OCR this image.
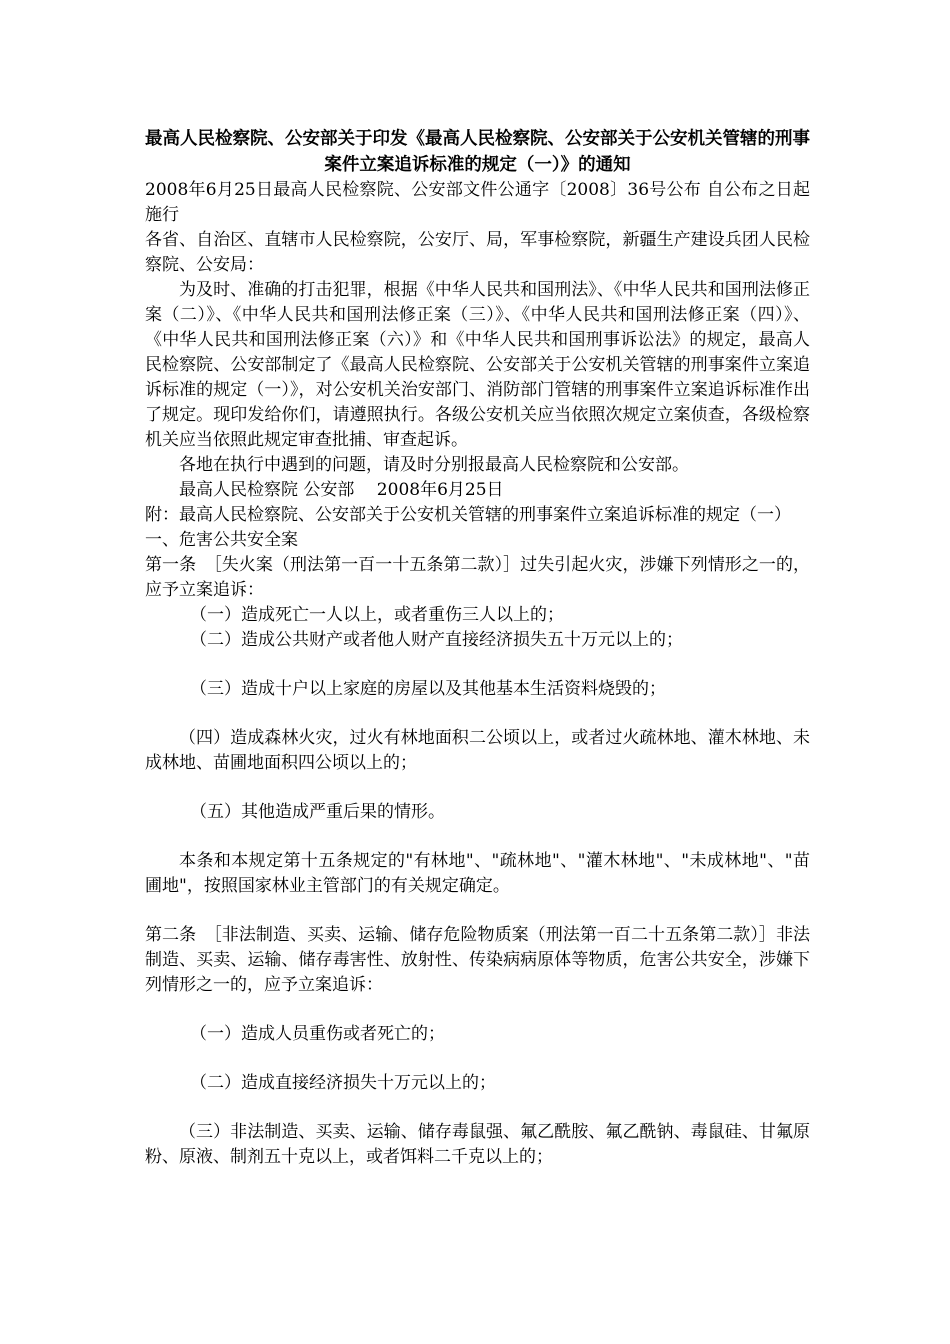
最高人民检察院、公安部关于印发《最高人民检察院、公安部关于公安机关管辖的刑事案件立案追诉标准的规定（一）》的通知

2008年6月25日最高人民检察院、公安部文件公通字〔2008〕36号公布 自公布之日起施行

各省、自治区、直辖市人民检察院，公安厅、局，军事检察院，新疆生产建设兵团人民检察院、公安局：

为及时、准确的打击犯罪，根据《中华人民共和国刑法》、《中华人民共和国刑法修正案（二）》、《中华人民共和国刑法修正案（三）》、《中华人民共和国刑法修正案（四）》、《中华人民共和国刑法修正案（六）》和《中华人民共和国刑事诉讼法》的规定，最高人民检察院、公安部制定了《最高人民检察院、公安部关于公安机关管辖的刑事案件立案追诉标准的规定（一）》，对公安机关治安部门、消防部门管辖的刑事案件立案追诉标准作出了规定。现印发给你们，请遵照执行。各级公安机关应当依照次规定立案侦查，各级检察机关应当依照此规定审查批捕、审查起诉。

各地在执行中遇到的问题，请及时分别报最高人民检察院和公安部。

最高人民检察院 公安部　 2008年6月25日

附：最高人民检察院、公安部关于公安机关管辖的刑事案件立案追诉标准的规定（一）

一、危害公共安全案

第一条　［失火案（刑法第一百一十五条第二款）］过失引起火灾，涉嫌下列情形之一的，应予立案追诉：

（一）造成死亡一人以上，或者重伤三人以上的；

（二）造成公共财产或者他人财产直接经济损失五十万元以上的；

（三）造成十户以上家庭的房屋以及其他基本生活资料烧毁的；

（四）造成森林火灾，过火有林地面积二公顷以上，或者过火疏林地、灌木林地、未成林地、苗圃地面积四公顷以上的；

（五）其他造成严重后果的情形。

本条和本规定第十五条规定的"有林地"、"疏林地"、"灌木林地"、"未成林地"、"苗圃地"，按照国家林业主管部门的有关规定确定。

第二条　［非法制造、买卖、运输、储存危险物质案（刑法第一百二十五条第二款）］非法制造、买卖、运输、储存毒害性、放射性、传染病病原体等物质，危害公共安全，涉嫌下列情形之一的，应予立案追诉：

（一）造成人员重伤或者死亡的；

（二）造成直接经济损失十万元以上的；

（三）非法制造、买卖、运输、储存毒鼠强、氟乙酰胺、氟乙酰钠、毒鼠硅、甘氟原粉、原液、制剂五十克以上，或者饵料二千克以上的；
